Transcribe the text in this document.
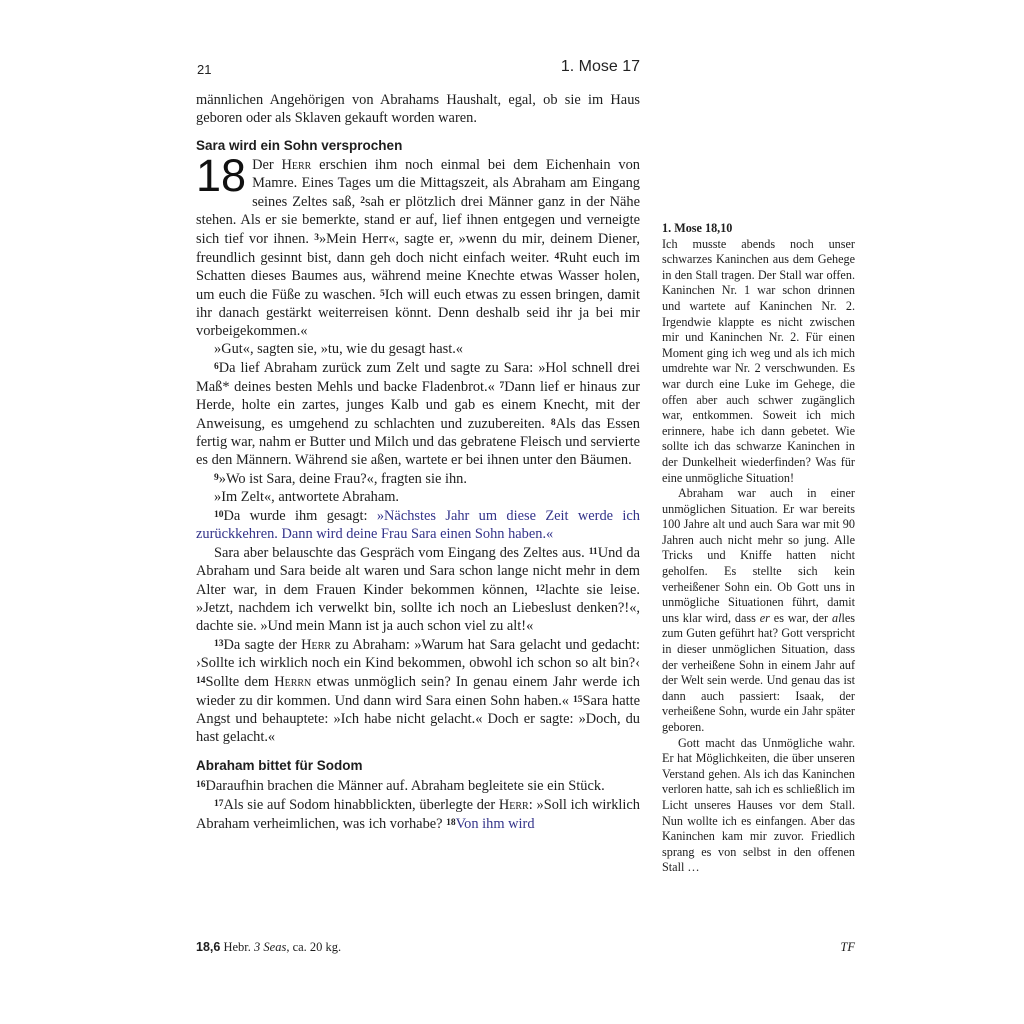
21	1. Mose 17

männlichen Angehörigen von Abrahams Haushalt, egal, ob sie im Haus geboren oder als Sklaven gekauft worden waren.

Sara wird ein Sohn versprochen

18 Der Herr erschien ihm noch einmal bei dem Eichenhain von Mamre. Eines Tages um die Mittagszeit, als Abraham am Eingang seines Zeltes saß, $^2$sah er plötzlich drei Männer ganz in der Nähe stehen. Als er sie bemerkte, stand er auf, lief ihnen entgegen und verneigte sich tief vor ihnen. $^3$»Mein Herr«, sagte er, »wenn du mir, deinem Diener, freundlich gesinnt bist, dann geh doch nicht einfach weiter. $^4$Ruht euch im Schatten dieses Baumes aus, während meine Knechte etwas Wasser holen, um euch die Füße zu waschen. $^5$Ich will euch etwas zu essen bringen, damit ihr danach gestärkt weiterreisen könnt. Denn deshalb seid ihr ja bei mir vorbeigekommen.«

»Gut«, sagten sie, »tu, wie du gesagt hast.«

$^6$Da lief Abraham zurück zum Zelt und sagte zu Sara: »Hol schnell drei Maß* deines besten Mehls und backe Fladenbrot.« $^7$Dann lief er hinaus zur Herde, holte ein zartes, junges Kalb und gab es einem Knecht, mit der Anweisung, es umgehend zu schlachten und zuzubereiten. $^8$Als das Essen fertig war, nahm er Butter und Milch und das gebratene Fleisch und servierte es den Männern. Während sie aßen, wartete er bei ihnen unter den Bäumen.

$^9$»Wo ist Sara, deine Frau?«, fragten sie ihn.

»Im Zelt«, antwortete Abraham.

$^{10}$Da wurde ihm gesagt: »Nächstes Jahr um diese Zeit werde ich zurückkehren. Dann wird deine Frau Sara einen Sohn haben.«

Sara aber belauschte das Gespräch vom Eingang des Zeltes aus. $^{11}$Und da Abraham und Sara beide alt waren und Sara schon lange nicht mehr in dem Alter war, in dem Frauen Kinder bekommen können, $^{12}$lachte sie leise. »Jetzt, nachdem ich verwelkt bin, sollte ich noch an Liebeslust denken?!«, dachte sie. »Und mein Mann ist ja auch schon viel zu alt!«

$^{13}$Da sagte der Herr zu Abraham: »Warum hat Sara gelacht und gedacht: ›Sollte ich wirklich noch ein Kind bekommen, obwohl ich schon so alt bin?‹ $^{14}$Sollte dem Herrn etwas unmöglich sein? In genau einem Jahr werde ich wieder zu dir kommen. Und dann wird Sara einen Sohn haben.« $^{15}$Sara hatte Angst und behauptete: »Ich habe nicht gelacht.« Doch er sagte: »Doch, du hast gelacht.«

Abraham bittet für Sodom

$^{16}$Daraufhin brachen die Männer auf. Abraham begleitete sie ein Stück.

$^{17}$Als sie auf Sodom hinabblickten, überlegte der Herr: »Soll ich wirklich Abraham verheimlichen, was ich vorhabe? $^{18}$Von ihm wird

18,6 Hebr. 3 Seas, ca. 20 kg.

1. Mose 18,10

Ich musste abends noch unser schwarzes Kaninchen aus dem Gehege in den Stall tragen. Der Stall war offen. Kaninchen Nr. 1 war schon drinnen und wartete auf Kaninchen Nr. 2. Irgendwie klappte es nicht zwischen mir und Kaninchen Nr. 2. Für einen Moment ging ich weg und als ich mich umdrehte war Nr. 2 verschwunden. Es war durch eine Luke im Gehege, die offen aber auch schwer zugänglich war, entkommen. Soweit ich mich erinnere, habe ich dann gebetet. Wie sollte ich das schwarze Kaninchen in der Dunkelheit wiederfinden? Was für eine unmögliche Situation!

Abraham war auch in einer unmöglichen Situation. Er war bereits 100 Jahre alt und auch Sara war mit 90 Jahren auch nicht mehr so jung. Alle Tricks und Kniffe hatten nicht geholfen. Es stellte sich kein verheißener Sohn ein. Ob Gott uns in unmögliche Situationen führt, damit uns klar wird, dass er es war, der alles zum Guten geführt hat? Gott verspricht in dieser unmöglichen Situation, dass der verheißene Sohn in einem Jahr auf der Welt sein werde. Und genau das ist dann auch passiert: Isaak, der verheißene Sohn, wurde ein Jahr später geboren.

Gott macht das Unmögliche wahr. Er hat Möglichkeiten, die über unseren Verstand gehen. Als ich das Kaninchen verloren hatte, sah ich es schließlich im Licht unseres Hauses vor dem Stall. Nun wollte ich es einfangen. Aber das Kaninchen kam mir zuvor. Friedlich sprang es von selbst in den offenen Stall …

TF
